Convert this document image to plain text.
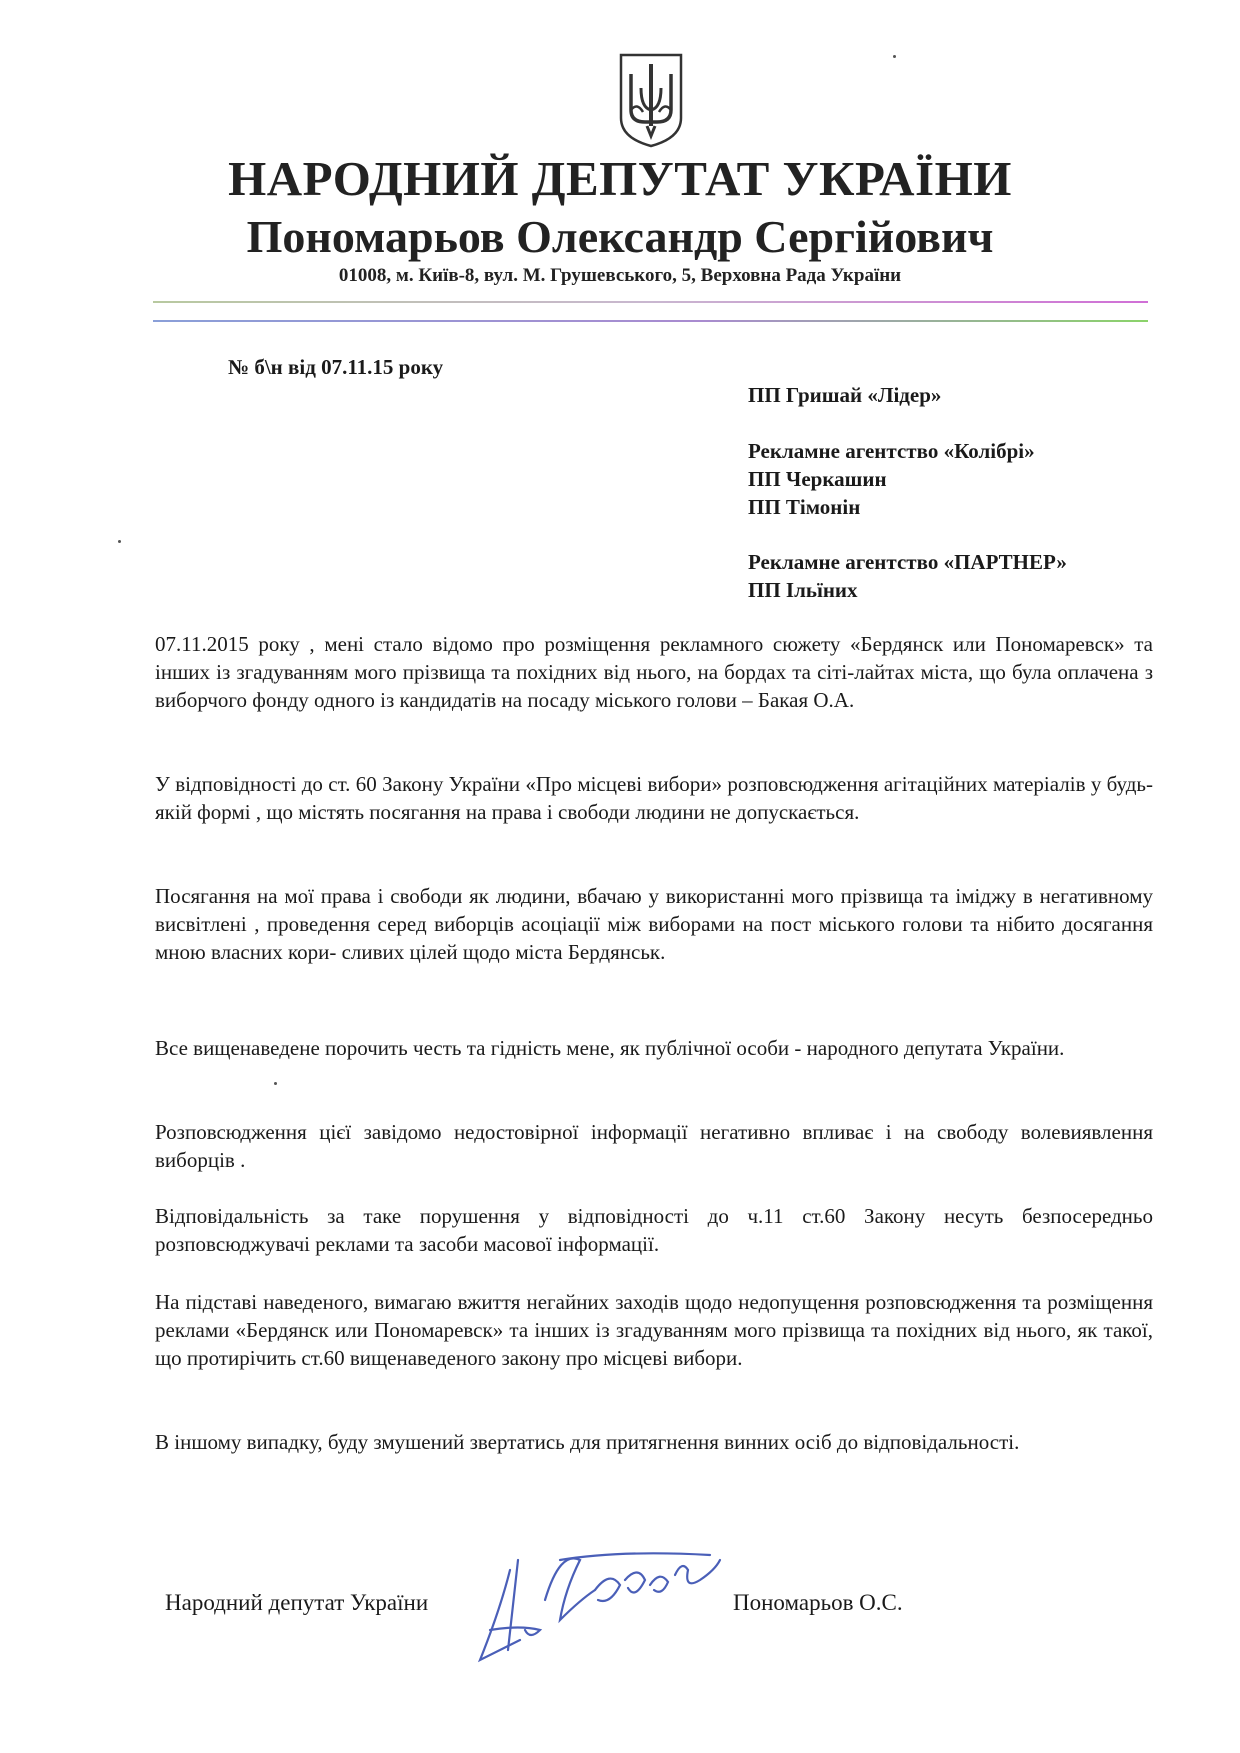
НАРОДНИЙ ДЕПУТАТ УКРАЇНИ
Пономарьов Олександр Сергійович
01008, м. Київ-8, вул. М. Грушевського, 5, Верховна Рада України
№ б\н від 07.11.15 року
ПП Гришай «Лідер»
Рекламне агентство «Колібрі»
ПП Черкашин
ПП Тімонін
Рекламне агентство «ПАРТНЕР»
ПП Ільїних
07.11.2015 року , мені стало відомо про розміщення рекламного сюжету «Бердянск или Пономаревск» та інших із згадуванням мого прізвища та похідних від нього, на бордах та сіті-лайтах міста, що була оплачена з виборчого фонду одного із кандидатів на посаду міського голови – Бакая О.А.
У відповідності до ст. 60 Закону України «Про місцеві вибори» розповсюдження агітаційних матеріалів у будь-якій формі , що містять посягання на права і свободи людини не допускається.
Посягання на мої права і свободи як людини, вбачаю у використанні мого прізвища та іміджу в негативному висвітлені , проведення серед виборців асоціації між виборами на пост міського голови та нібито досягання мною власних кори- сливих цілей щодо міста Бердянськ.
Все вищенаведене порочить честь та гідність мене, як публічної особи - народного депутата України.
Розповсюдження цієї завідомо недостовірної інформації негативно впливає і на свободу волевиявлення виборців .
Відповідальність за таке порушення у відповідності до ч.11 ст.60 Закону несуть безпосередньо розповсюджувачі реклами та засоби масової інформації.
На підставі наведеного, вимагаю вжиття негайних заходів щодо недопущення розповсюдження та розміщення реклами «Бердянск или Пономаревск» та інших із згадуванням мого прізвища та похідних від нього, як такої, що протирічить ст.60 вищенаведеного закону про місцеві вибори.
В іншому випадку, буду змушений звертатись для притягнення винних осіб до відповідальності.
Народний депутат України	Пономарьов О.С.
